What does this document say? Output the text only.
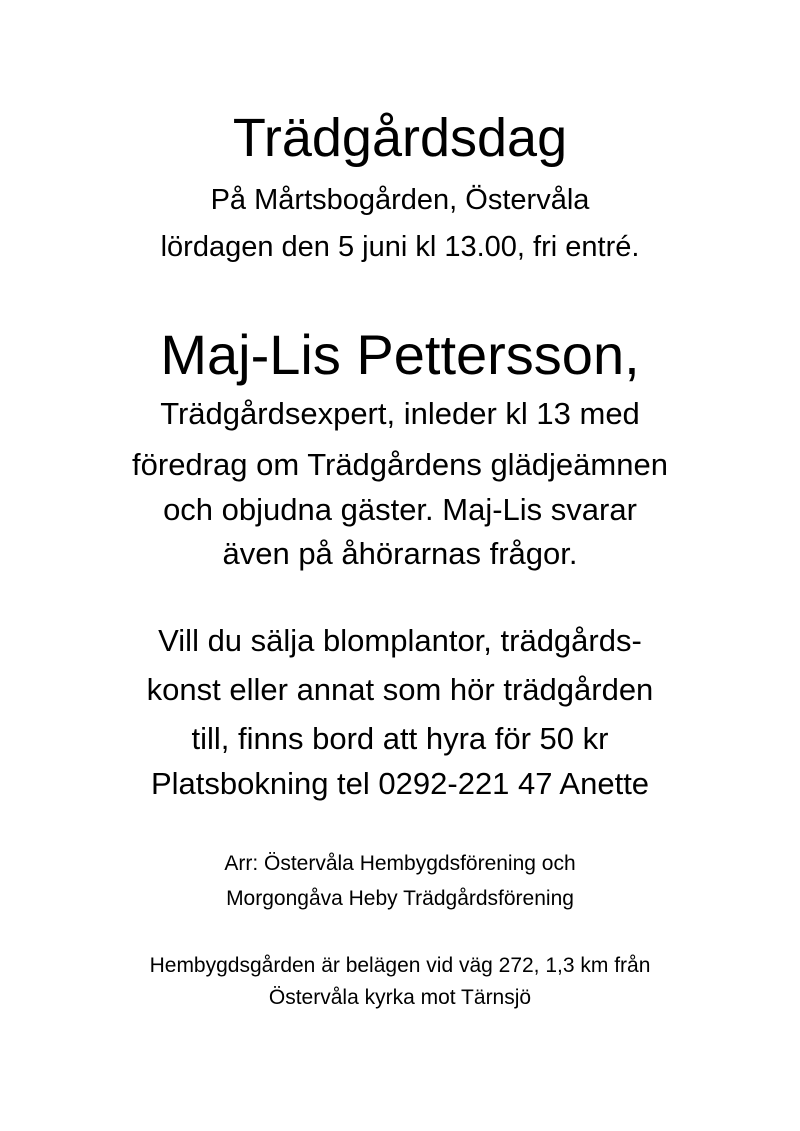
Trädgårdsdag
På Mårtsbogården, Östervåla
lördagen den 5 juni kl 13.00, fri entré.
Maj-Lis Pettersson,
Trädgårdsexpert, inleder kl 13 med
föredrag om Trädgårdens glädjeämnen
och objudna gäster. Maj-Lis svarar
även på åhörarnas frågor.
Vill du sälja blomplantor, trädgårds-
konst eller annat som hör trädgården
till, finns bord att hyra för 50 kr
Platsbokning tel 0292-221 47 Anette
Arr: Östervåla Hembygdsförening och
Morgongåva Heby Trädgårdsförening
Hembygdsgården är belägen vid väg 272, 1,3 km från
Östervåla kyrka mot Tärnsjö
